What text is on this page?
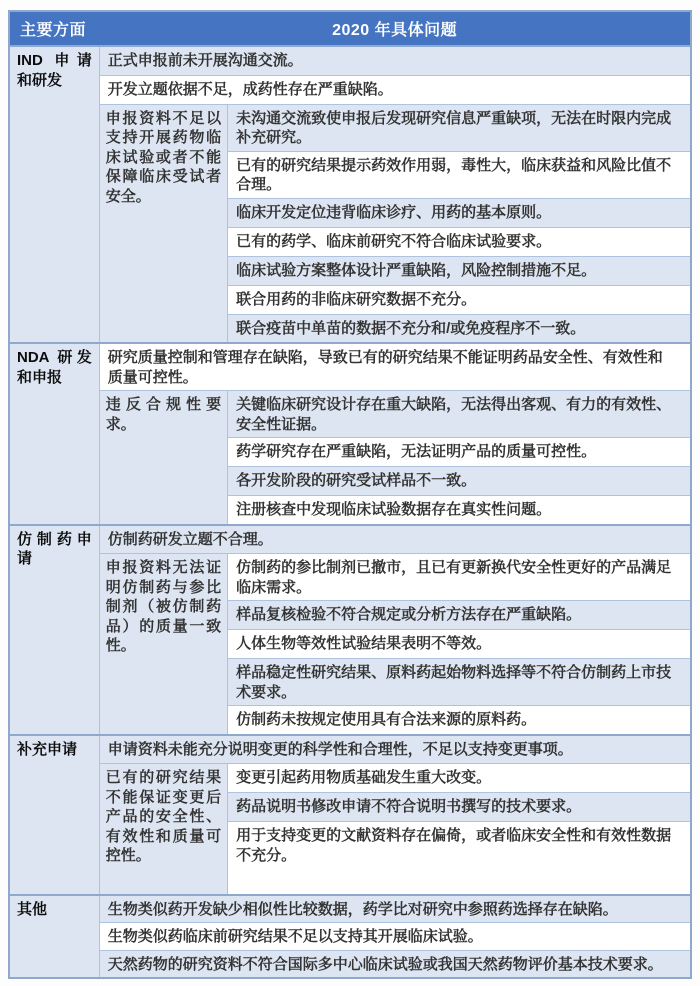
主要方面	2020 年具体问题	
IND 申请和研发	正式申报前未开展沟通交流。	
	开发立题依据不足，成药性存在严重缺陷。	
	申报资料不足以支持开展药物临床试验或者不能保障临床受试者安全。	未沟通交流致使申报后发现研究信息严重缺项，无法在时限内完成补充研究。
		已有的研究结果提示药效作用弱，毒性大，临床获益和风险比值不合理。
		临床开发定位违背临床诊疗、用药的基本原则。
		已有的药学、临床前研究不符合临床试验要求。
		临床试验方案整体设计严重缺陷，风险控制措施不足。
		联合用药的非临床研究数据不充分。
		联合疫苗中单苗的数据不充分和/或免疫程序不一致。
NDA 研发和申报	研究质量控制和管理存在缺陷，导致已有的研究结果不能证明药品安全性、有效性和质量可控性。	
	违反合规性要求。	关键临床研究设计存在重大缺陷，无法得出客观、有力的有效性、安全性证据。
		药学研究存在严重缺陷，无法证明产品的质量可控性。
		各开发阶段的研究受试样品不一致。
		注册核查中发现临床试验数据存在真实性问题。
仿制药申请	仿制药研发立题不合理。	
	申报资料无法证明仿制药与参比制剂（被仿制药品）的质量一致性。	仿制药的参比制剂已撤市，且已有更新换代安全性更好的产品满足临床需求。
		样品复核检验不符合规定或分析方法存在严重缺陷。
		人体生物等效性试验结果表明不等效。
		样品稳定性研究结果、原料药起始物料选择等不符合仿制药上市技术要求。
		仿制药未按规定使用具有合法来源的原料药。
补充申请	申请资料未能充分说明变更的科学性和合理性，不足以支持变更事项。	
	已有的研究结果不能保证变更后产品的安全性、有效性和质量可控性。	变更引起药用物质基础发生重大改变。
		药品说明书修改申请不符合说明书撰写的技术要求。
		用于支持变更的文献资料存在偏倚，或者临床安全性和有效性数据不充分。
其他	生物类似药开发缺少相似性比较数据，药学比对研究中参照药选择存在缺陷。	
	生物类似药临床前研究结果不足以支持其开展临床试验。	
	天然药物的研究资料不符合国际多中心临床试验或我国天然药物评价基本技术要求。	
